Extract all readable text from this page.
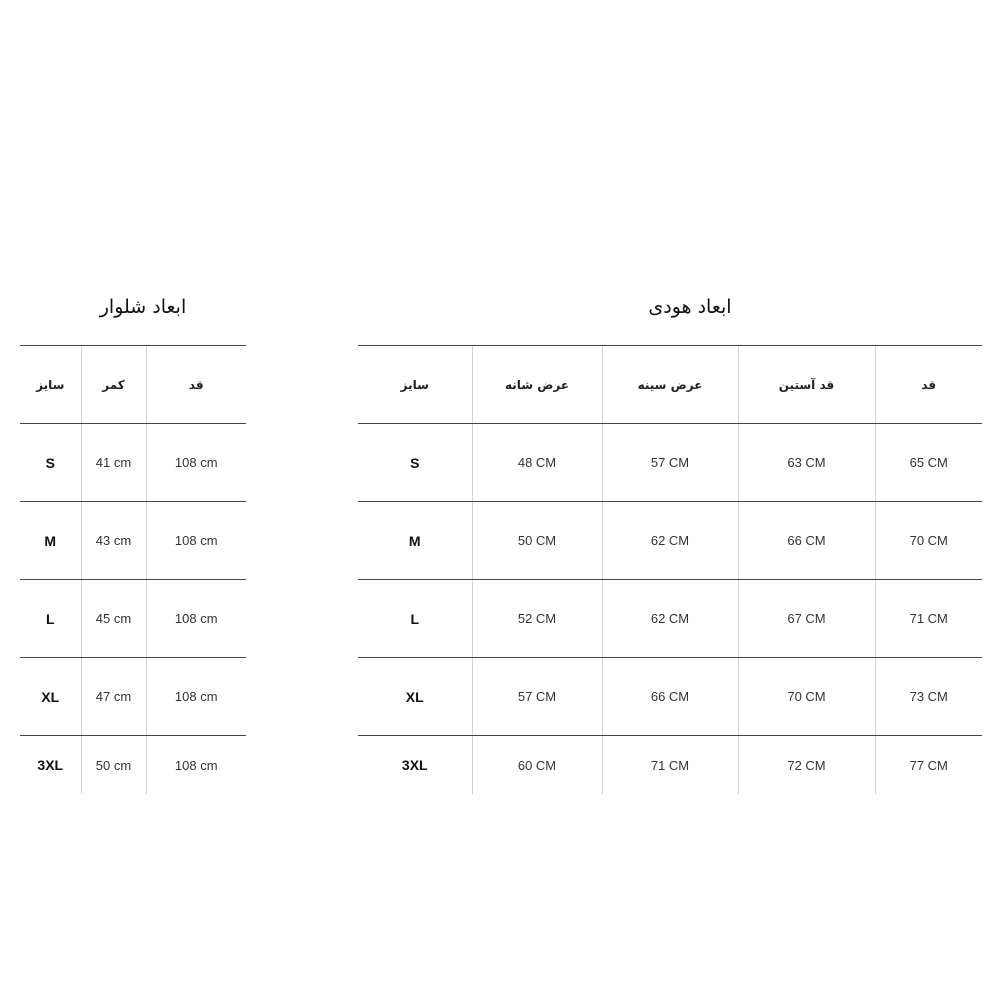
ابعاد شلوار	ابعاد هودی
سایز	کمر	قد
S	41 cm	108 cm
M	43 cm	108 cm
L	45 cm	108 cm
XL	47 cm	108 cm
3XL	50 cm	108 cm
سایز	عرض شانه	عرض سینه	قد آستین	قد
S	48 CM	57 CM	63 CM	65 CM
M	50 CM	62 CM	66 CM	70 CM
L	52 CM	62 CM	67 CM	71 CM
XL	57 CM	66 CM	70 CM	73 CM
3XL	60 CM	71 CM	72 CM	77 CM
